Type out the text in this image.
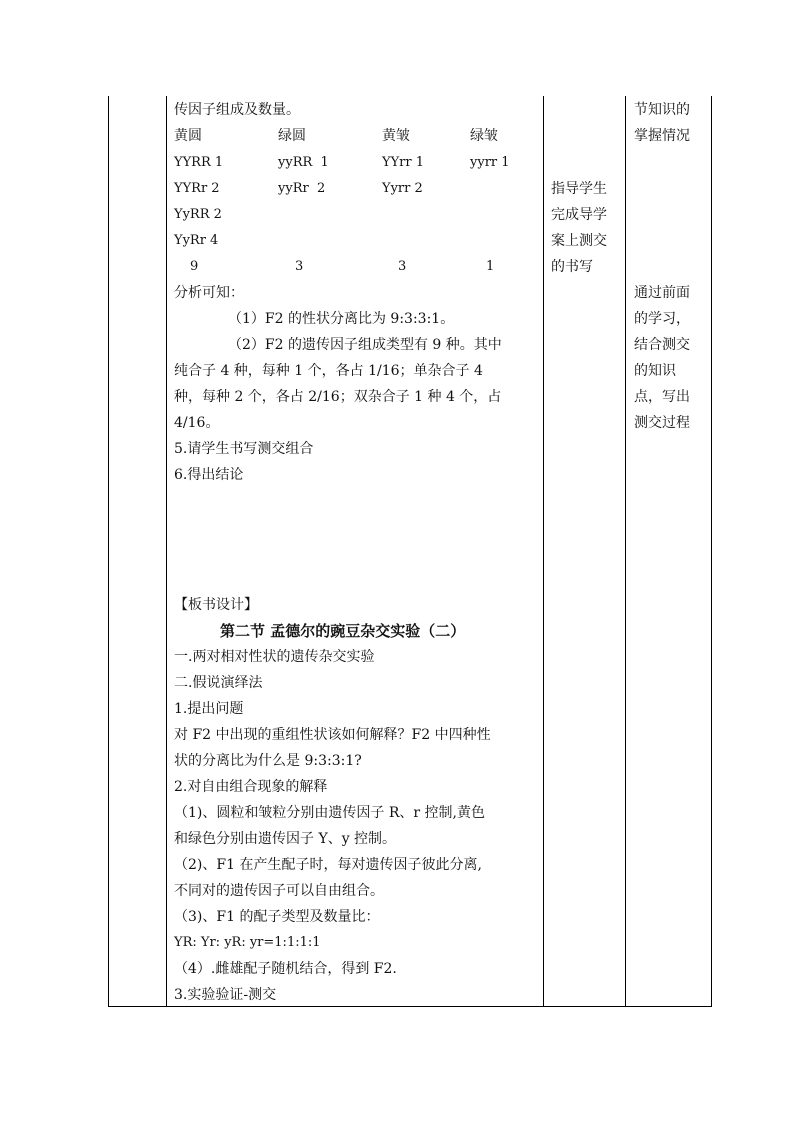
传因子组成及数量。
黄圆	绿圆	黄皱	绿皱
YYRR 1	yyRR  1	YYrr 1	yyrr 1
YYRr 2	yyRr  2	Yyrr 2
YyRR 2
YyRr 4
9	3	3	1
分析可知：
（1）F2 的性状分离比为 9:3:3:1。
（2）F2 的遗传因子组成类型有 9 种。其中
纯合子 4 种，每种 1 个，各占 1/16；单杂合子 4
种，每种 2 个，各占 2/16；双杂合子 1 种 4 个，占
4/16。
5.请学生书写测交组合
6.得出结论
【板书设计】
第二节 孟德尔的豌豆杂交实验（二）
一.两对相对性状的遗传杂交实验
二.假说演绎法
1.提出问题
对 F2 中出现的重组性状该如何解释？F2 中四种性
状的分离比为什么是 9:3:3:1?
2.对自由组合现象的解释
（1)、圆粒和皱粒分别由遗传因子 R、r 控制,黄色
和绿色分别由遗传因子 Y、y 控制。
（2)、F1 在产生配子时，每对遗传因子彼此分离,
不同对的遗传因子可以自由组合。
（3)、F1 的配子类型及数量比：
YR: Yr: yR: yr=1:1:1:1
（4）.雌雄配子随机结合，得到 F2.
3.实验验证-测交
指导学生
完成导学
案上测交
的书写
节知识的
掌握情况
通过前面
的学习，
结合测交
的知识
点，写出
测交过程
